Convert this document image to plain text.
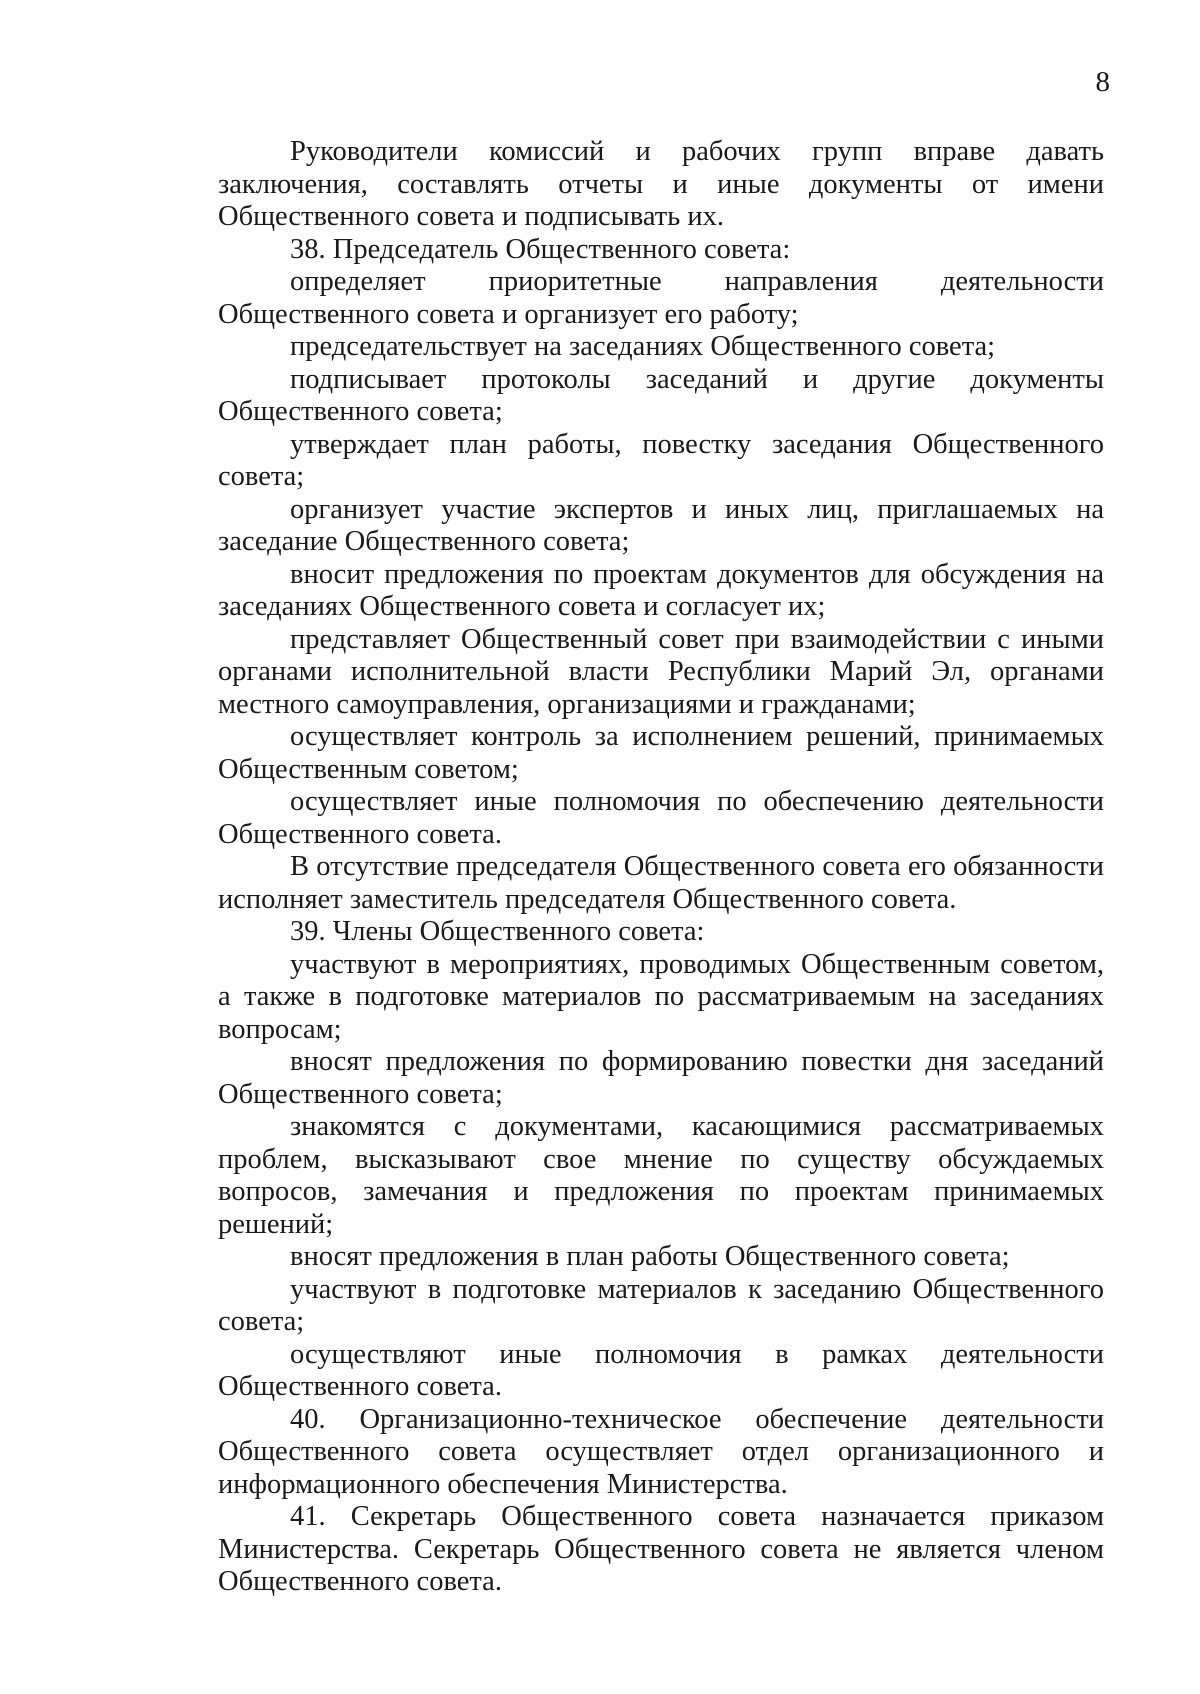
8

Руководители комиссий и рабочих групп вправе давать заключения, составлять отчеты и иные документы от имени Общественного совета и подписывать их.

38. Председатель Общественного совета:

определяет приоритетные направления деятельности Общественного совета и организует его работу;

председательствует на заседаниях Общественного совета;

подписывает протоколы заседаний и другие документы Общественного совета;

утверждает план работы, повестку заседания Общественного совета;

организует участие экспертов и иных лиц, приглашаемых на заседание Общественного совета;

вносит предложения по проектам документов для обсуждения на заседаниях Общественного совета и согласует их;

представляет Общественный совет при взаимодействии с иными органами исполнительной власти Республики Марий Эл, органами местного самоуправления, организациями и гражданами;

осуществляет контроль за исполнением решений, принимаемых Общественным советом;

осуществляет иные полномочия по обеспечению деятельности Общественного совета.

В отсутствие председателя Общественного совета его обязанности исполняет заместитель председателя Общественного совета.

39. Члены Общественного совета:

участвуют в мероприятиях, проводимых Общественным советом, а также в подготовке материалов по рассматриваемым на заседаниях вопросам;

вносят предложения по формированию повестки дня заседаний Общественного совета;

знакомятся с документами, касающимися рассматриваемых проблем, высказывают свое мнение по существу обсуждаемых вопросов, замечания и предложения по проектам принимаемых решений;

вносят предложения в план работы Общественного совета;

участвуют в подготовке материалов к заседанию Общественного совета;

осуществляют иные полномочия в рамках деятельности Общественного совета.

40. Организационно-техническое обеспечение деятельности Общественного совета осуществляет отдел организационного и информационного обеспечения Министерства.

41. Секретарь Общественного совета назначается приказом Министерства. Секретарь Общественного совета не является членом Общественного совета.
